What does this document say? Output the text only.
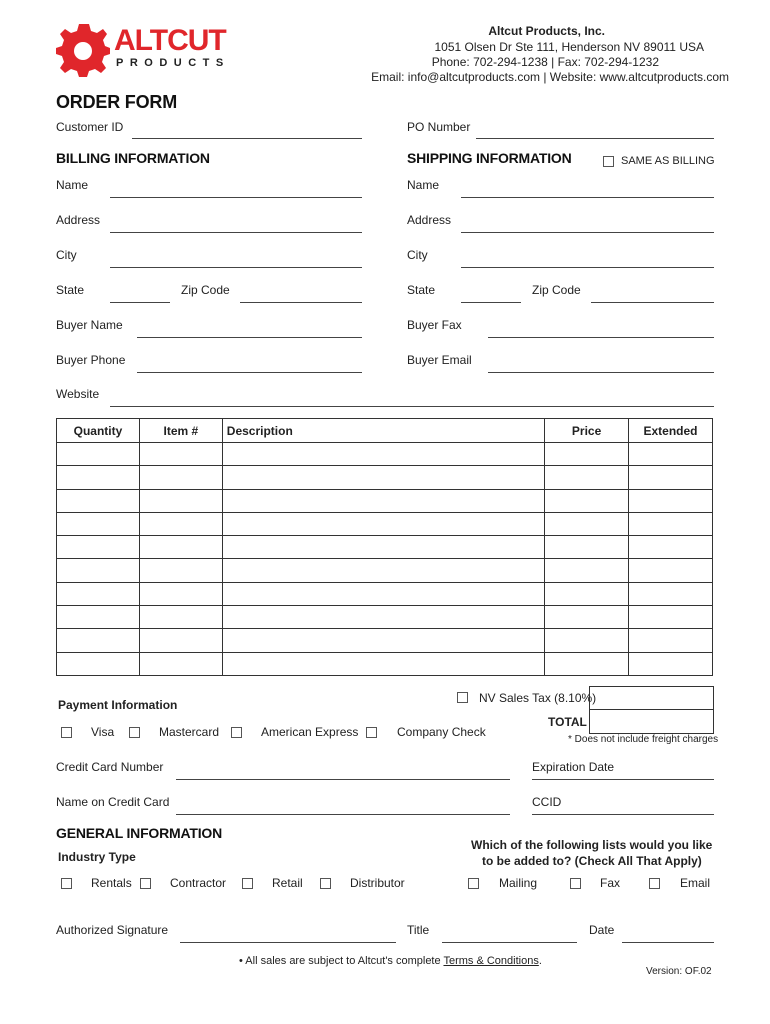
ALTCUT
PRODUCTS
Altcut Products, Inc.
1051 Olsen Dr Ste 111, Henderson NV 89011 USA
Phone: 702-294-1238 | Fax: 702-294-1232
Email: info@altcutproducts.com | Website: www.altcutproducts.com
ORDER FORM
Customer ID	PO Number
BILLING INFORMATION
Name
Address
City
State	Zip Code
Buyer Name
Buyer Phone
Website
SHIPPING INFORMATION	SAME AS BILLING
Name
Address
City
State	Zip Code
Buyer Fax
Buyer Email
Quantity	Item #	Description	Price	Extended

Payment Information	NV Sales Tax (8.10%)
TOTAL
* Does not include freight charges
Visa	Mastercard	American Express	Company Check
Credit Card Number	Expiration Date
Name on Credit Card	CCID
GENERAL INFORMATION
Industry Type
Which of the following lists would you like
to be added to? (Check All That Apply)
Rentals	Contractor	Retail	Distributor	Mailing	Fax	Email
Authorized Signature	Title	Date
• All sales are subject to Altcut's complete Terms & Conditions.
Version: OF.02
